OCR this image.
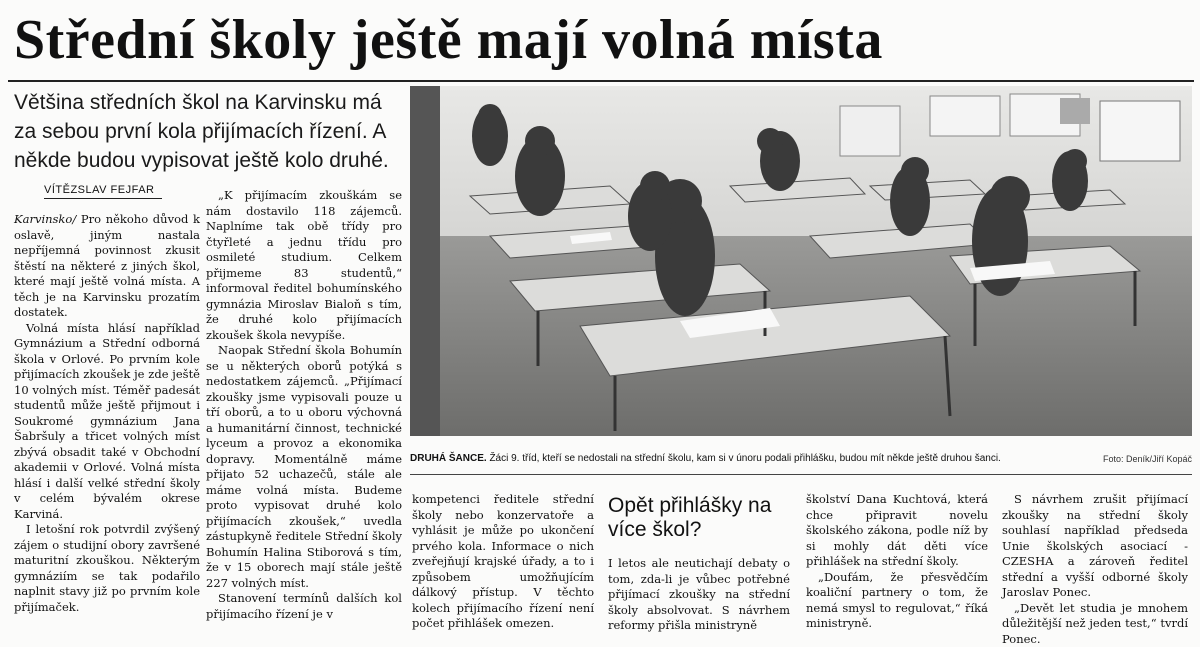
Střední školy ještě mají volná místa
Většina středních škol na Karvinsku má za sebou první kola přijímacích řízení. A někde budou vypisovat ještě kolo druhé.
VÍTĚZSLAV FEJFAR

Karvinsko/ Pro někoho důvod k oslavě, jiným nastala nepříjemná povinnost zkusit štěstí na některé z jiných škol, které mají ještě volná místa. A těch je na Karvinsku prozatím dostatek.

Volná místa hlásí například Gymnázium a Střední odborná škola v Orlové. Po prvním kole přijímacích zkoušek je zde ještě 10 volných míst. Téměř padesát studentů může ještě přijmout i Soukromé gymnázium Jana Šabršuly a třicet volných míst zbývá obsadit také v Obchodní akademii v Orlové. Volná místa hlásí i další velké střední školy v celém bývalém okrese Karviná.

I letošní rok potvrdil zvýšený zájem o studijní obory završené maturitní zkouškou. Některým gymnáziím se tak podařilo naplnit stavy již po prvním kole přijímaček.

„K přijímacím zkouškám se nám dostavilo 118 zájemců. Naplníme tak obě třídy pro čtyřleté a jednu třídu pro osmileté studium. Celkem přijmeme 83 studentů,“ informoval ředitel bohumínského gymnázia Miroslav Bialoň s tím, že druhé kolo přijímacích zkoušek škola nevypíše.

Naopak Střední škola Bohumín se u některých oborů potýká s nedostatkem zájemců. „Přijímací zkoušky jsme vypisovali pouze u tří oborů, a to u oboru výchovná a humanitární činnost, technické lyceum a provoz a ekonomika dopravy. Momentálně máme přijato 52 uchazečů, stále ale máme volná místa. Budeme proto vypisovat druhé kolo přijímacích zkoušek,“ uvedla zástupkyně ředitele Střední školy Bohumín Halina Stiborová s tím, že v 15 oborech mají stále ještě 227 volných míst.

Stanovení termínů dalších kol přijímacího řízení je v

DRUHÁ ŠANCE. Žáci 9. tříd, kteří se nedostali na střední školu, kam si v únoru podali přihlášku, budou mít někde ještě druhou šanci.	Foto: Deník/Jiří Kopáč

kompetenci ředitele střední školy nebo konzervatoře a vyhlásit je může po ukončení prvého kola. Informace o nich zveřejňují krajské úřady, a to i způsobem umožňujícím dálkový přístup. V těchto kolech přijímacího řízení není počet přihlášek omezen.

Opět přihlášky na více škol?

I letos ale neutichají debaty o tom, zda-li je vůbec potřebné přijímací zkoušky na střední školy absolvovat. S návrhem reformy přišla ministryně

školství Dana Kuchtová, která chce připravit novelu školského zákona, podle níž by si mohly dát děti více přihlášek na střední školy.

„Doufám, že přesvědčím koaliční partnery o tom, že nemá smysl to regulovat,“ říká ministryně.

S návrhem zrušit přijímací zkoušky na střední školy souhlasí například předseda Unie školských asociací - CZESHA a zároveň ředitel střední a vyšší odborné školy Jaroslav Ponec.

„Devět let studia je mnohem důležitější než jeden test,“ tvrdí Ponec.
